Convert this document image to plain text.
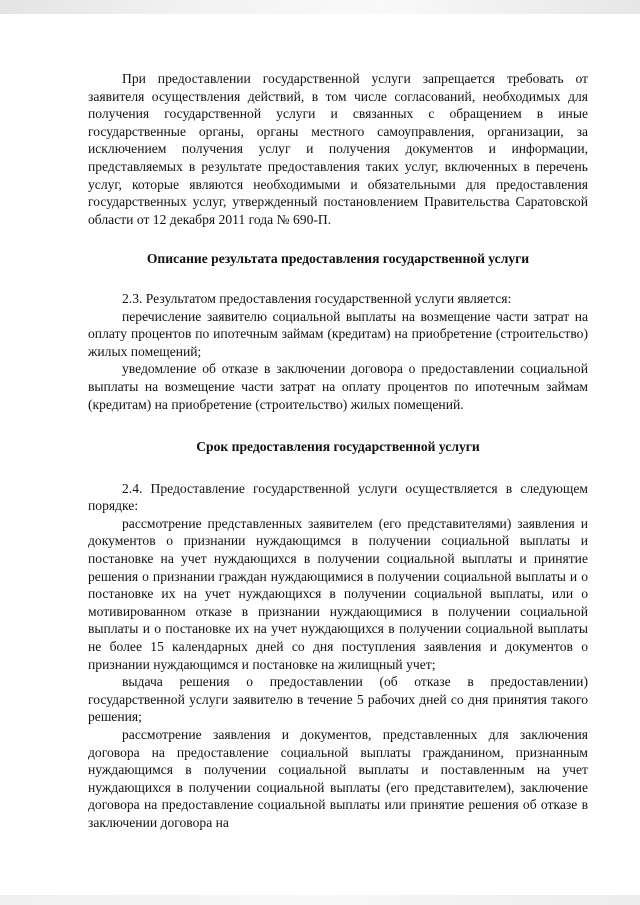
При предоставлении государственной услуги запрещается требовать от заявителя осуществления действий, в том числе согласований, необходимых для получения государственной услуги и связанных с обращением в иные государственные органы, органы местного самоуправления, организации, за исключением получения услуг и получения документов и информации, представляемых в результате предоставления таких услуг, включенных в перечень услуг, которые являются необходимыми и обязательными для предоставления государственных услуг, утвержденный постановлением Правительства Саратовской области от 12 декабря 2011 года № 690-П.

Описание результата предоставления государственной услуги

2.3. Результатом предоставления государственной услуги является:

перечисление заявителю социальной выплаты на возмещение части затрат на оплату процентов по ипотечным займам (кредитам) на приобретение (строительство) жилых помещений;

уведомление об отказе в заключении договора о предоставлении социальной выплаты на возмещение части затрат на оплату процентов по ипотечным займам (кредитам) на приобретение (строительство) жилых помещений.

Срок предоставления государственной услуги

2.4. Предоставление государственной услуги осуществляется в следующем порядке:

рассмотрение представленных заявителем (его представителями) заявления и документов о признании нуждающимся в получении социальной выплаты и постановке на учет нуждающихся в получении социальной выплаты и принятие решения о признании граждан нуждающимися в получении социальной выплаты и о постановке их на учет нуждающихся в получении социальной выплаты, или о мотивированном отказе в признании нуждающимися в получении социальной выплаты и о постановке их на учет нуждающихся в получении социальной выплаты не более 15 календарных дней со дня поступления заявления и документов о признании нуждающимся и постановке на жилищный учет;

выдача решения о предоставлении (об отказе в предоставлении) государственной услуги заявителю в течение 5 рабочих дней со дня принятия такого решения;

рассмотрение заявления и документов, представленных для заключения договора на предоставление социальной выплаты гражданином, признанным нуждающимся в получении социальной выплаты и поставленным на учет нуждающихся в получении социальной выплаты (его представителем), заключение договора на предоставление социальной выплаты или принятие решения об отказе в заключении договора на
